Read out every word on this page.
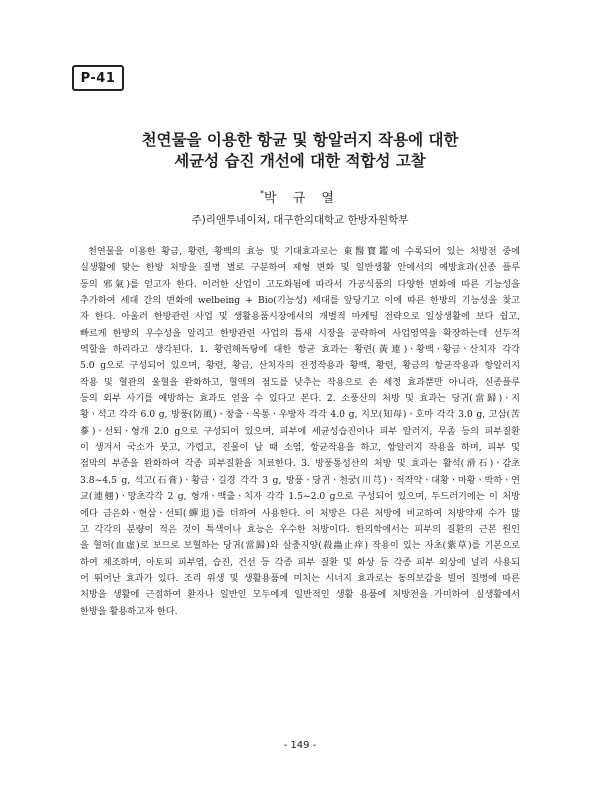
P-41
천연물을 이용한 항균 및 항알러지 작용에 대한
세균성 습진 개선에 대한 적합성 고찰
*박 규 열
주)리앤투네이쳐, 대구한의대학교 한방자원학부
천연물을 이용한 황금, 황련, 황백의 효능 및 기대효과로는 東醫寶鑑에 수록되어 있는 처방전 중에
실생활에 맞는 한방 처방을 질병 별로 구분하여 제형 변화 및 일반생활 안에서의 예방효과(신종 플루
등의 邪氣)를 얻고자 한다. 이러한 산업이 고도화됨에 따라서 가공식품의 다양한 변화에 따른 기능성을
추가하여 세대 간의 변화에 welbeing + Bio(기능성) 세대를 앞당기고 이에 따른 한방의 기능성을 찾고
자 한다. 아울러 한방관련 사업 및 생활용품시장에서의 개별적 마케팅 전략으로 일상생활에 보다 쉽고,
빠르게 한방의 우수성을 알리고 한방관련 사업의 틈새 시장을 공략하여 사업영역을 확장하는데 선두적
역할을 하리라고 생각된다. 1. 황련해독탕에 대한 항균 효과는 황련(黃連)ㆍ황백ㆍ황금ㆍ산치자 각각
5.0 g으로 구성되어 있으며, 황련, 황금, 산치자의 진정작용과 황백, 황련, 황금의 항균작용과 항알러지
작용 및 혈관의 울혈을 완화하고, 혈액의 점도를 낮추는 작용으로 손 세정 효과뿐만 아니라, 신종플루
등의 외부 사기를 예방하는 효과도 얻을 수 있다고 본다. 2. 소풍산의 처방 및 효과는 당귀(當歸)ㆍ지
황ㆍ석고 각각 6.0 g, 방풍(防風)ㆍ창출ㆍ목통ㆍ우방자 각각 4.0 g, 지모(知母)ㆍ호마 각각 3.0 g, 고삼(苦
蔘)ㆍ선퇴ㆍ형개 2.0 g으로 구성되어 있으며, 피부에 세균성습진이나 피부 알러지, 무좀 등의 피부질환
이 생겨서 국소가 붓고, 가렵고, 진물이 날 때 소염, 항균작용을 하고, 항알러지 작용을 하며, 피부 및
점막의 부종을 완화하여 각종 피부질환을 치료한다. 3. 방풍통성산의 처방 및 효과는 활석(滑石)ㆍ감초
3.8~4.5 g, 석고(石膏)ㆍ황금ㆍ길경 각각 3 g, 방풍ㆍ당귀ㆍ천궁(川芎)ㆍ적작약ㆍ대황ㆍ마황ㆍ박하ㆍ연
교(連翹)ㆍ망초각각 2 g, 형개ㆍ백출ㆍ치자 각각 1.5~2.0 g으로 구성되어 있으며, 두드러기에는 이 처방
에다 금은화ㆍ현삼ㆍ선퇴(蟬退)를 더하여 사용한다. 이 처방은 다른 처방에 비교하여 처방약재 수가 많
고 각각의 분량이 적은 것이 특색이나 효능은 우수한 처방이다. 한의학에서는 피부의 질환의 근본 원인
을 혈허(血虛)로 보므로 보혈하는 당귀(當歸)와 살충지양(殺蟲止痒) 작용이 있는 자초(紫草)를 기본으로
하여 제조하며, 아토피 피부염, 습진, 건선 등 각종 피부 질환 및 화상 등 각종 피부 외상에 널리 사용되
어 뛰어난 효과가 있다. 조리 위생 및 생활용품에 미치는 시너지 효과로는 동의보감을 빌어 질병에 따른
처방을 생활에 근접하여 환자나 일반인 모두에게 일반적인 생활 용품에 처방전을 가미하여 실생활에서
한방을 활용하고자 한다.
- 149 -
